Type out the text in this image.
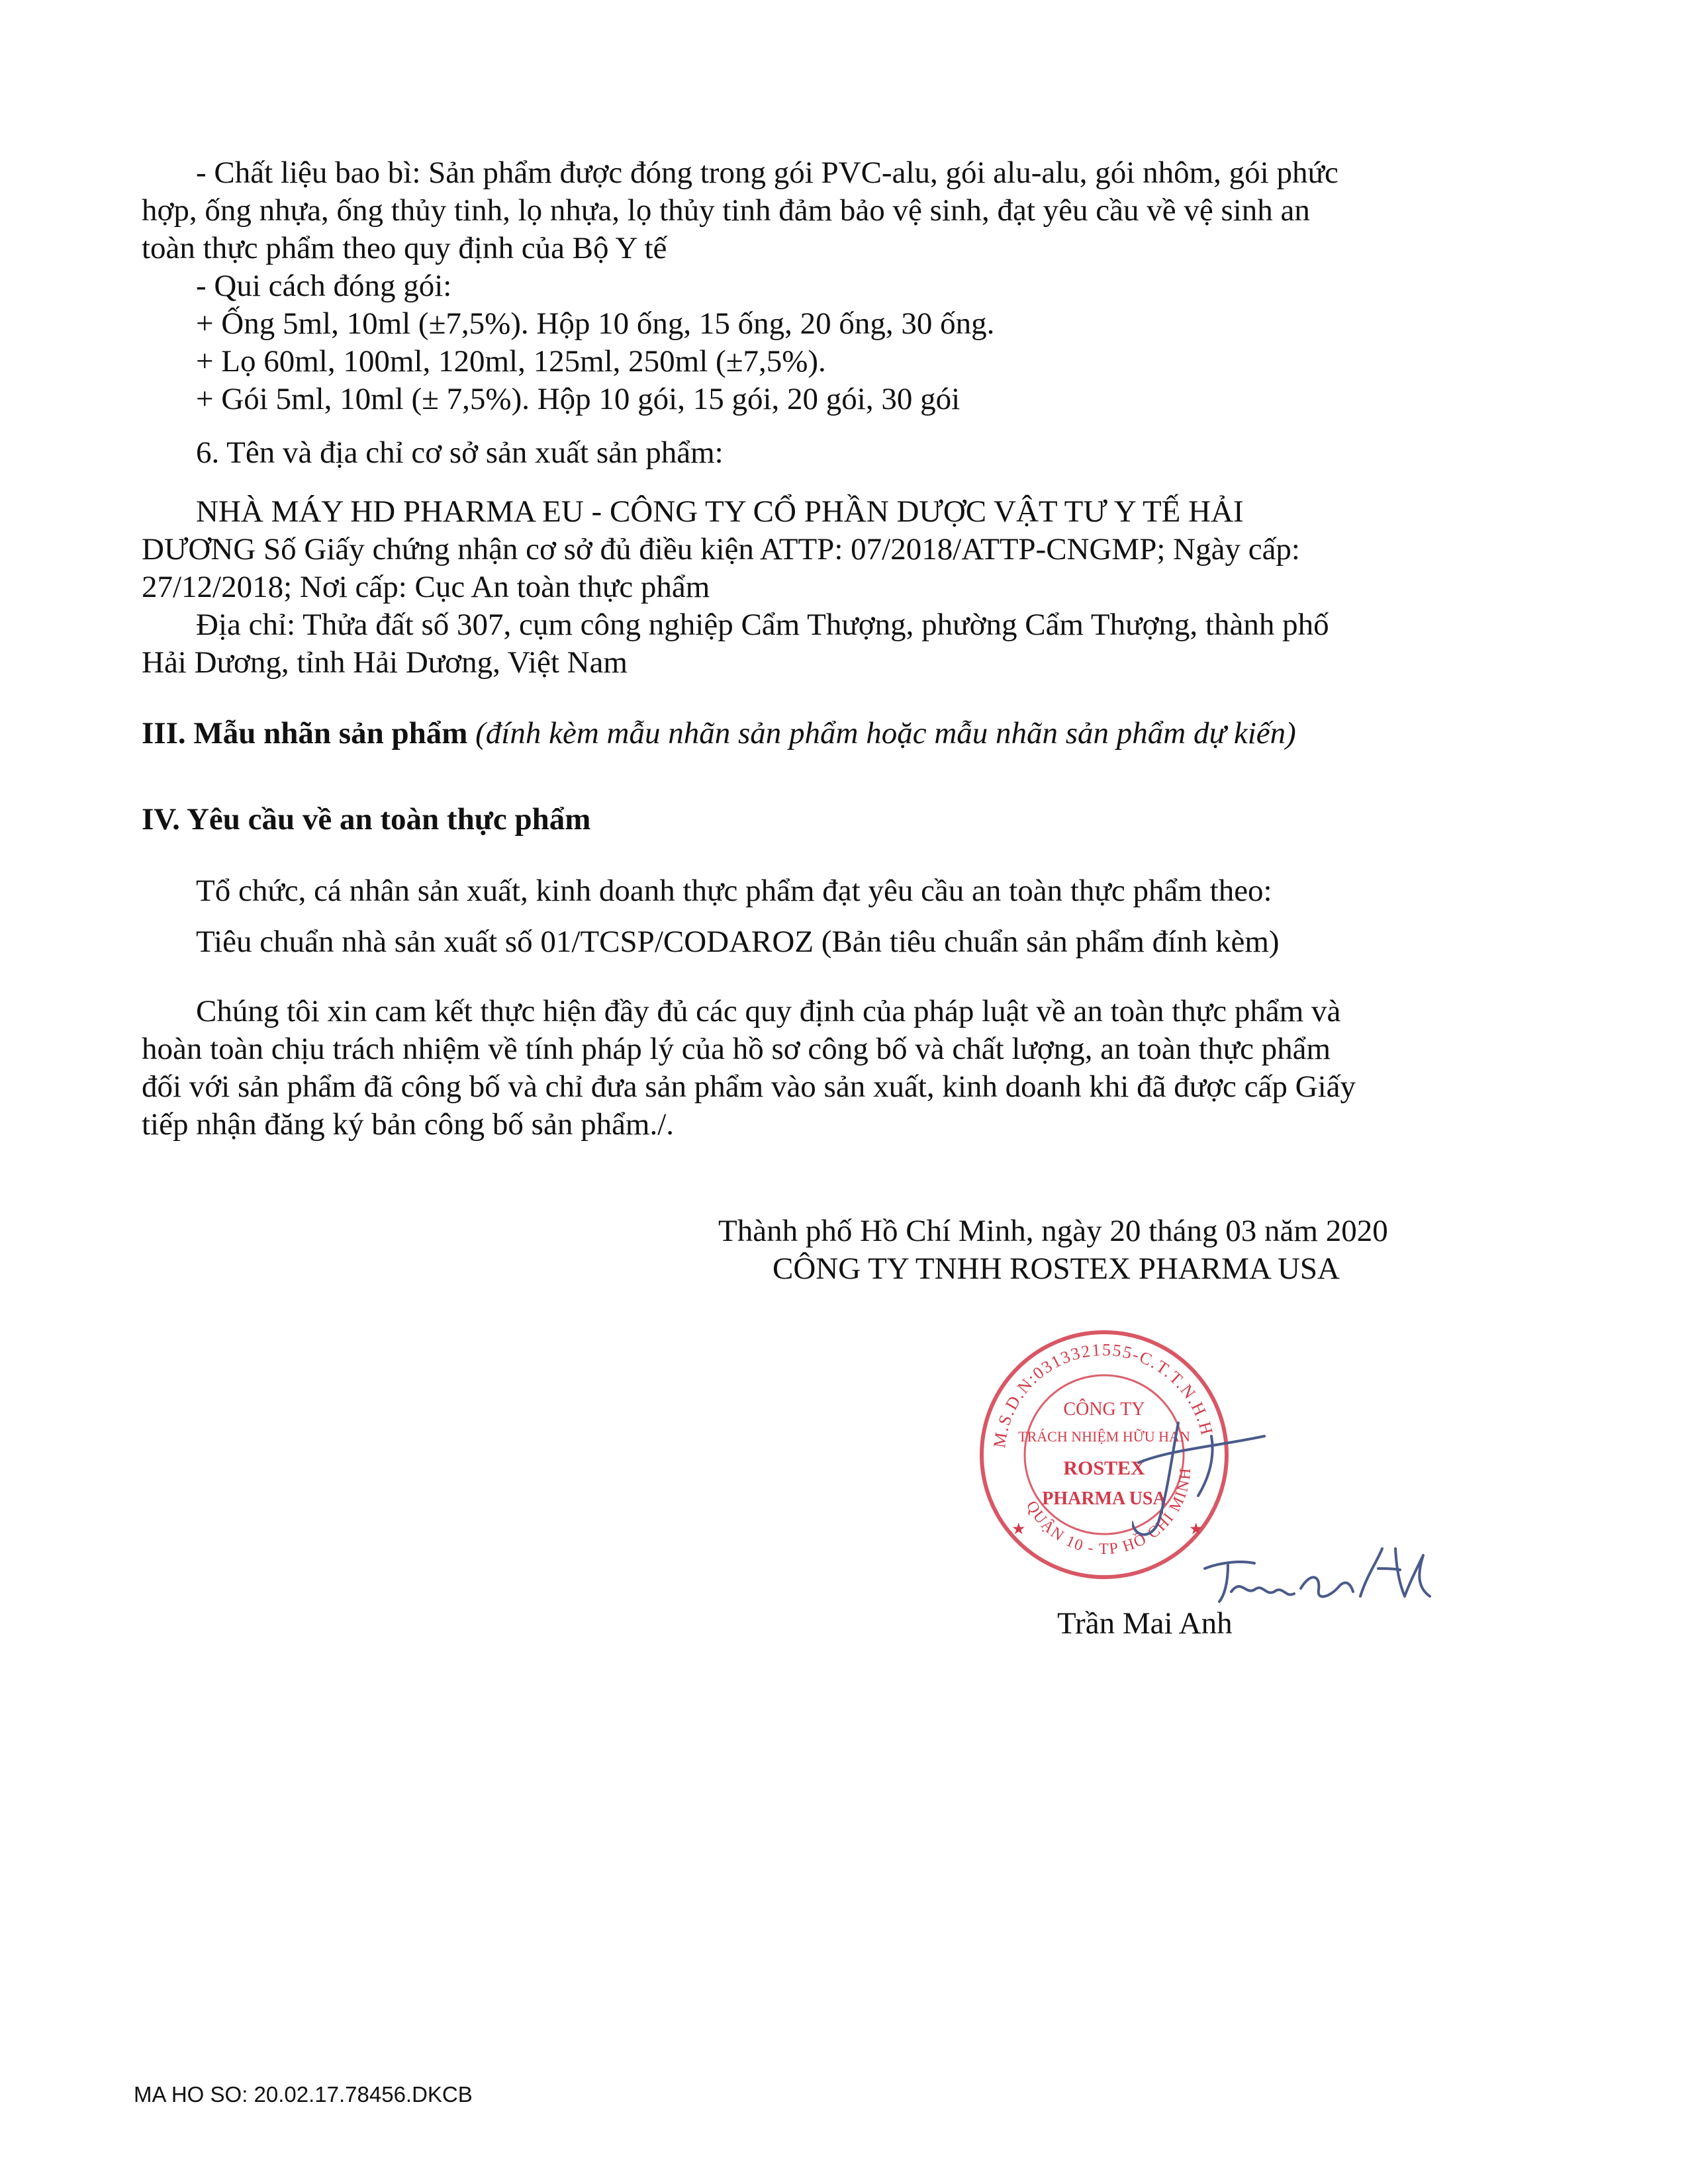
- Chất liệu bao bì: Sản phẩm được đóng trong gói PVC-alu, gói alu-alu, gói nhôm, gói phức

hợp, ống nhựa, ống thủy tinh, lọ nhựa, lọ thủy tinh đảm bảo vệ sinh, đạt yêu cầu về vệ sinh an

toàn thực phẩm theo quy định của Bộ Y tế

- Qui cách đóng gói:

+ Ống 5ml, 10ml (±7,5%). Hộp 10 ống, 15 ống, 20 ống, 30 ống.

+ Lọ 60ml, 100ml, 120ml, 125ml, 250ml (±7,5%).

+ Gói 5ml, 10ml (± 7,5%). Hộp 10 gói, 15 gói, 20 gói, 30 gói

6. Tên và địa chỉ cơ sở sản xuất sản phẩm:

NHÀ MÁY HD PHARMA EU - CÔNG TY CỔ PHẦN DƯỢC VẬT TƯ Y TẾ HẢI

DƯƠNG Số Giấy chứng nhận cơ sở đủ điều kiện ATTP: 07/2018/ATTP-CNGMP; Ngày cấp:

27/12/2018; Nơi cấp: Cục An toàn thực phẩm

Địa chỉ: Thửa đất số 307, cụm công nghiệp Cẩm Thượng, phường Cẩm Thượng, thành phố

Hải Dương, tỉnh Hải Dương, Việt Nam

III. Mẫu nhãn sản phẩm (đính kèm mẫu nhãn sản phẩm hoặc mẫu nhãn sản phẩm dự kiến)

IV. Yêu cầu về an toàn thực phẩm

Tổ chức, cá nhân sản xuất, kinh doanh thực phẩm đạt yêu cầu an toàn thực phẩm theo:

Tiêu chuẩn nhà sản xuất số 01/TCSP/CODAROZ (Bản tiêu chuẩn sản phẩm đính kèm)

Chúng tôi xin cam kết thực hiện đầy đủ các quy định của pháp luật về an toàn thực phẩm và

hoàn toàn chịu trách nhiệm về tính pháp lý của hồ sơ công bố và chất lượng, an toàn thực phẩm

đối với sản phẩm đã công bố và chỉ đưa sản phẩm vào sản xuất, kinh doanh khi đã được cấp Giấy

tiếp nhận đăng ký bản công bố sản phẩm./.

Thành phố Hồ Chí Minh, ngày 20 tháng 03 năm 2020

CÔNG TY TNHH ROSTEX PHARMA USA

M.S.D.N:0313321555-C.T.T.N.H.H
QUẬN 10 - TP HỒ CHÍ MINH
CÔNG TY
TRÁCH NHIỆM HỮU HẠN
ROSTEX
PHARMA USA
★	★

Trần Mai Anh

MA HO SO: 20.02.17.78456.DKCB
